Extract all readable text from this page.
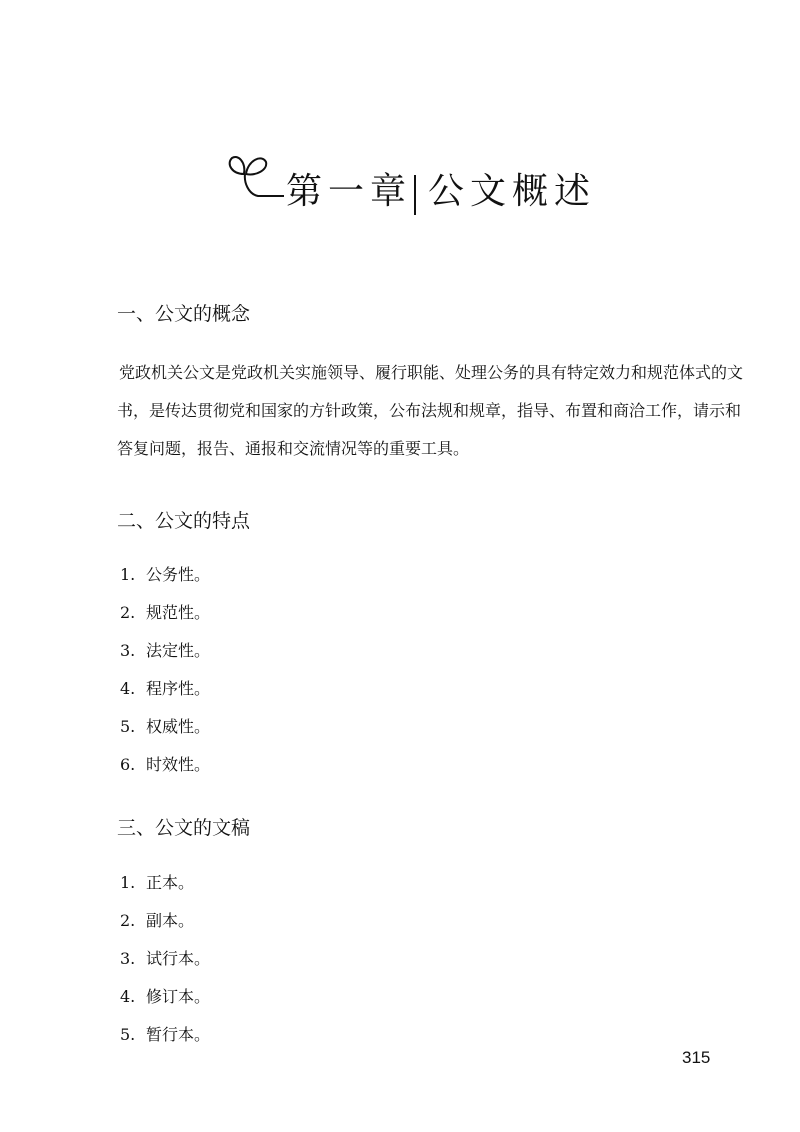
第一章 公文概述
一、公文的概念
党政机关公文是党政机关实施领导、履行职能、处理公务的具有特定效力和规范体式的文书，是传达贯彻党和国家的方针政策，公布法规和规章，指导、布置和商洽工作，请示和答复问题，报告、通报和交流情况等的重要工具。
二、公文的特点
1. 公务性。
2. 规范性。
3. 法定性。
4. 程序性。
5. 权威性。
6. 时效性。
三、公文的文稿
1. 正本。
2. 副本。
3. 试行本。
4. 修订本。
5. 暂行本。
315
